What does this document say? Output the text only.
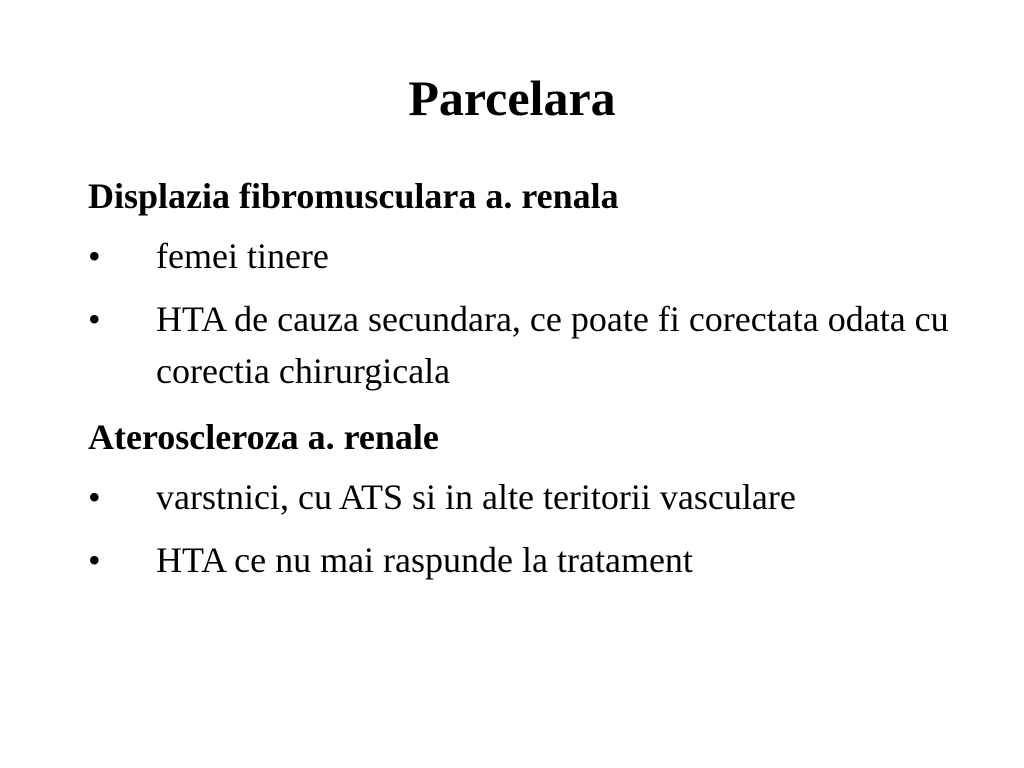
Parcelara
Displazia fibromusculara a. renala
•	femei tinere
•	HTA de cauza secundara, ce poate fi corectata odata cu corectia chirurgicala
Ateroscleroza a. renale
•	varstnici, cu ATS si in alte teritorii vasculare
•	HTA ce nu mai raspunde la tratament
